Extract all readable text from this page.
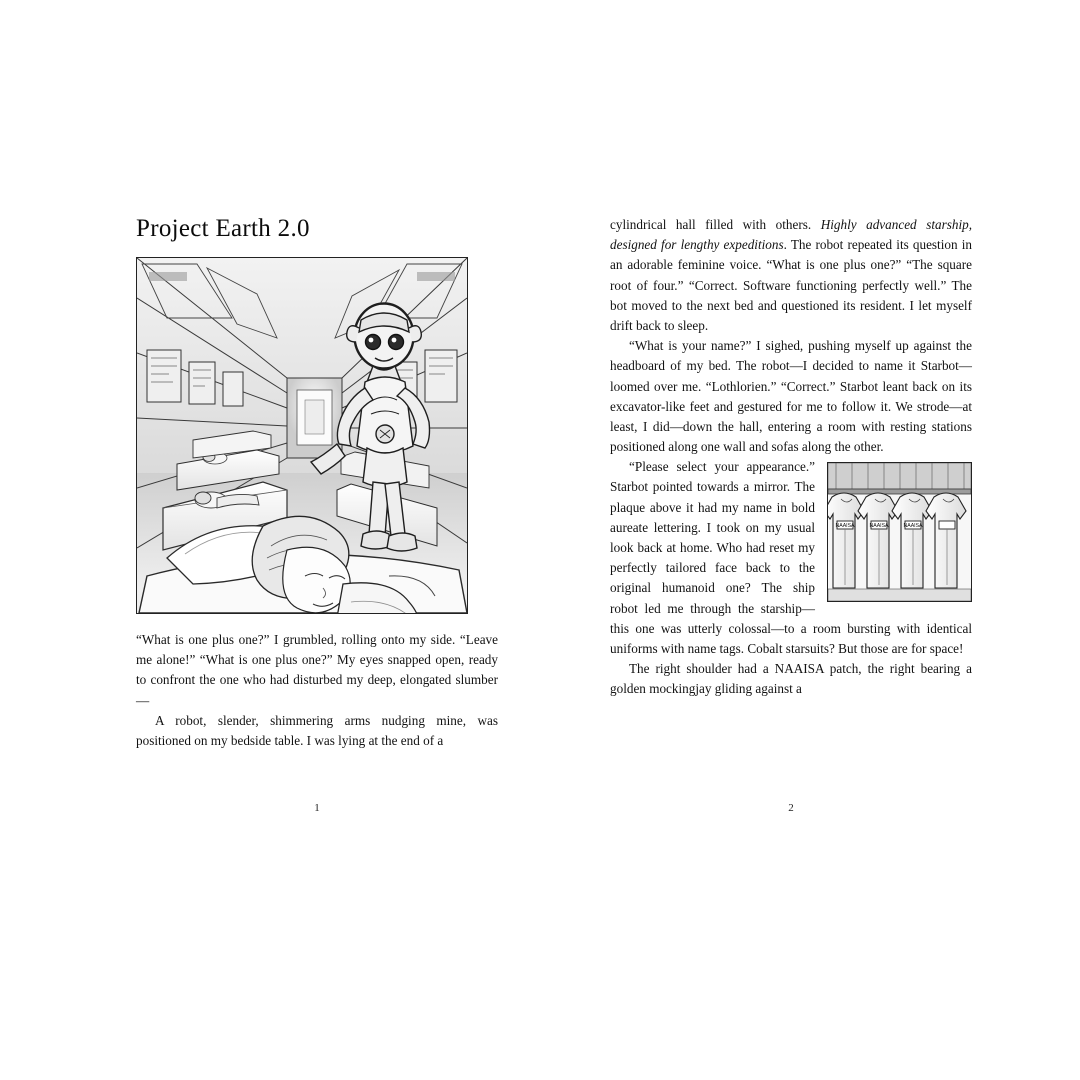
Project Earth 2.0

“What is one plus one?” I grumbled, rolling onto my side. “Leave me alone!” “What is one plus one?” My eyes snapped open, ready to confront the one who had disturbed my deep, elongated slumber—

A robot, slender, shimmering arms nudging mine, was positioned on my bedside table. I was lying at the end of a

cylindrical hall filled with others. Highly advanced starship, designed for lengthy expeditions. The robot repeated its question in an adorable feminine voice. “What is one plus one?” “The square root of four.” “Correct. Software functioning perfectly well.” The bot moved to the next bed and questioned its resident. I let myself drift back to sleep.

“What is your name?” I sighed, pushing myself up against the headboard of my bed. The robot—I decided to name it Starbot—loomed over me. “Lothlorien.” “Correct.” Starbot leant back on its excavator-like feet and gestured for me to follow it. We strode—at least, I did—down the hall, entering a room with resting stations positioned along one wall and sofas along the other.

NAAISA	NAAISA	NAAISA

“Please select your appearance.” Starbot pointed towards a mirror. The plaque above it had my name in bold aureate lettering. I took on my usual look back at home. Who had reset my perfectly tailored face back to the original humanoid one? The ship robot led me through the starship—this one was utterly colossal—to a room bursting with identical uniforms with name tags. Cobalt starsuits? But those are for space!

The right shoulder had a NAAISA patch, the right bearing a golden mockingjay gliding against a

1	2
